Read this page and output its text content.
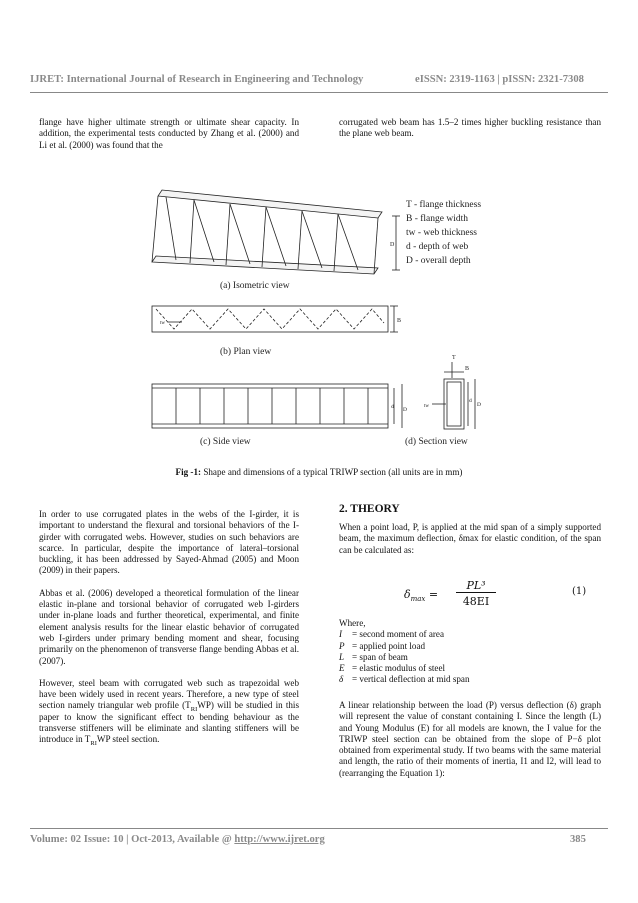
IJRET: International Journal of Research in Engineering and Technology	eISSN: 2319-1163 | pISSN: 2321-7308
flange have higher ultimate strength or ultimate shear capacity. In addition, the experimental tests conducted by Zhang et al. (2000) and Li et al. (2000) was found that the
corrugated web beam has 1.5–2 times higher buckling resistance than the plane web beam.
D
T - flange thickness
B - flange width
tw - web thickness
d - depth of web
D - overall depth
(a) Isometric view
tw	B
(b) Plan view
d D
(c) Side view
T
B
tw
d
D
(d) Section view
Fig -1: Shape and dimensions of a typical TRIWP section (all units are in mm)

In order to use corrugated plates in the webs of the I-girder, it is important to understand the flexural and torsional behaviors of the I-girder with corrugated webs. However, studies on such behaviors are scarce. In particular, despite the importance of lateral–torsional buckling, it has been addressed by Sayed-Ahmad (2005) and Moon (2009) in their papers.

Abbas et al. (2006) developed a theoretical formulation of the linear elastic in-plane and torsional behavior of corrugated web I-girders under in-plane loads and further theoretical, experimental, and finite element analysis results for the linear elastic behavior of corrugated web I-girders under primary bending moment and shear, focusing primarily on the phenomenon of transverse flange bending Abbas et al. (2007).

However, steel beam with corrugated web such as trapezoidal web have been widely used in recent years. Therefore, a new type of steel section namely triangular web profile $(T_{RI}WP)$ will be studied in this paper to know the significant effect to bending behaviour as the transverse stiffeners will be eliminate and slanting stiffeners will be introduce in $T_{RI}WP$ steel section.

2. THEORY
When a point load, P, is applied at the mid span of a simply supported beam, the maximum deflection, δmax for elastic condition, of the span can be calculated as:
$\delta_{max}$ =
PL³
48EI
(1)
Where,
I = second moment of area
P = applied point load
L = span of beam
E = elastic modulus of steel
δ = vertical deflection at mid span
A linear relationship between the load (P) versus deflection (δ) graph will represent the value of constant containing I. Since the length (L) and Young Modulus (E) for all models are known, the I value for the TRIWP steel section can be obtained from the slope of P−δ plot obtained from experimental study. If two beams with the same material and length, the ratio of their moments of inertia, I1 and I2, will lead to (rearranging the Equation 1):
Volume: 02 Issue: 10 | Oct-2013, Available @ http://www.ijret.org	385
